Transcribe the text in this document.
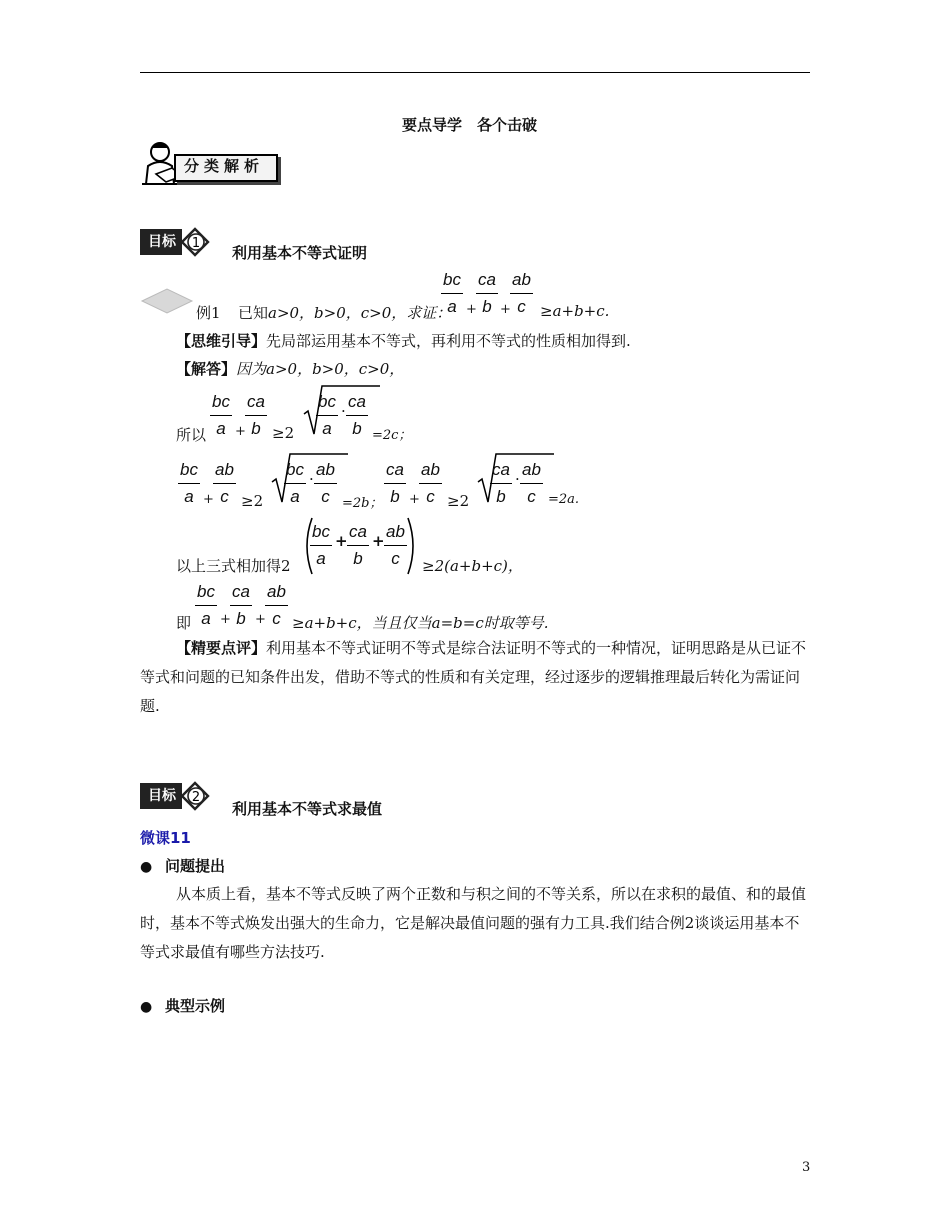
要点导学　各个击破
分类解析
目标	1
利用基本不等式证明
例1 已知 a>0，b>0，c>0，求证：
bc
a +
ca
b +
ab
c ≥a+b+c.
【思维引导】先局部运用基本不等式，再利用不等式的性质相加得到.
【解答】因为a>0，b>0，c>0，
所以
bc
a +
ca
b ≥2
bc
a
· ca
b =2c；
bc
a +
ab
c ≥2
bc
a
· ab
c =2b；
ca
b +
ab
c ≥2
ca
b
· ab
c =2a.
以上三式相加得2
bc
a
+ ca
b
+ ab
c ≥2(a+b+c)，
即
bc
a +
ca
b +
ab
c ≥a+b+c，当且仅当a=b=c时取等号.
【精要点评】利用基本不等式证明不等式是综合法证明不等式的一种情况，证明思路是从已证不等式和问题的已知条件出发，借助不等式的性质和有关定理，经过逐步的逻辑推理最后转化为需证问题.
目标	2
利用基本不等式求最值
微课11
● 问题提出
从本质上看，基本不等式反映了两个正数和与积之间的不等关系，所以在求积的最值、和的最值时，基本不等式焕发出强大的生命力，它是解决最值问题的强有力工具.我们结合例2谈谈运用基本不等式求最值有哪些方法技巧.
● 典型示例
3
